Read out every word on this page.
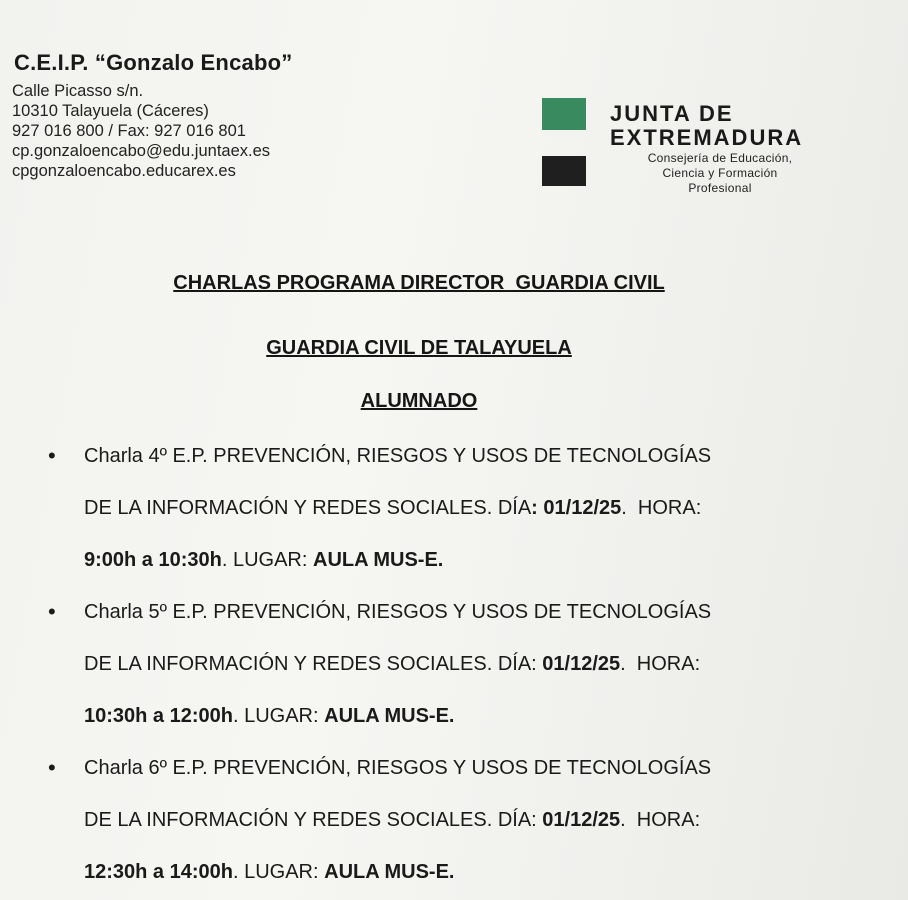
C.E.I.P. “Gonzalo Encabo”
Calle Picasso s/n.
10310 Talayuela (Cáceres)
927 016 800 / Fax: 927 016 801
cp.gonzaloencabo@edu.juntaex.es
cpgonzaloencabo.educarex.es
JUNTA DE
EXTREMADURA
Consejería de Educación,
Ciencia y Formación
Profesional
CHARLAS PROGRAMA DIRECTOR  GUARDIA CIVIL
GUARDIA CIVIL DE TALAYUELA
ALUMNADO
• Charla 4º E.P. PREVENCIÓN, RIESGOS Y USOS DE TECNOLOGÍAS
DE LA INFORMACIÓN Y REDES SOCIALES. DÍA: 01/12/25.  HORA:
9:00h a 10:30h. LUGAR: AULA MUS-E.
• Charla 5º E.P. PREVENCIÓN, RIESGOS Y USOS DE TECNOLOGÍAS
DE LA INFORMACIÓN Y REDES SOCIALES. DÍA: 01/12/25.  HORA:
10:30h a 12:00h. LUGAR: AULA MUS-E.
• Charla 6º E.P. PREVENCIÓN, RIESGOS Y USOS DE TECNOLOGÍAS
DE LA INFORMACIÓN Y REDES SOCIALES. DÍA: 01/12/25.  HORA:
12:30h a 14:00h. LUGAR: AULA MUS-E.
